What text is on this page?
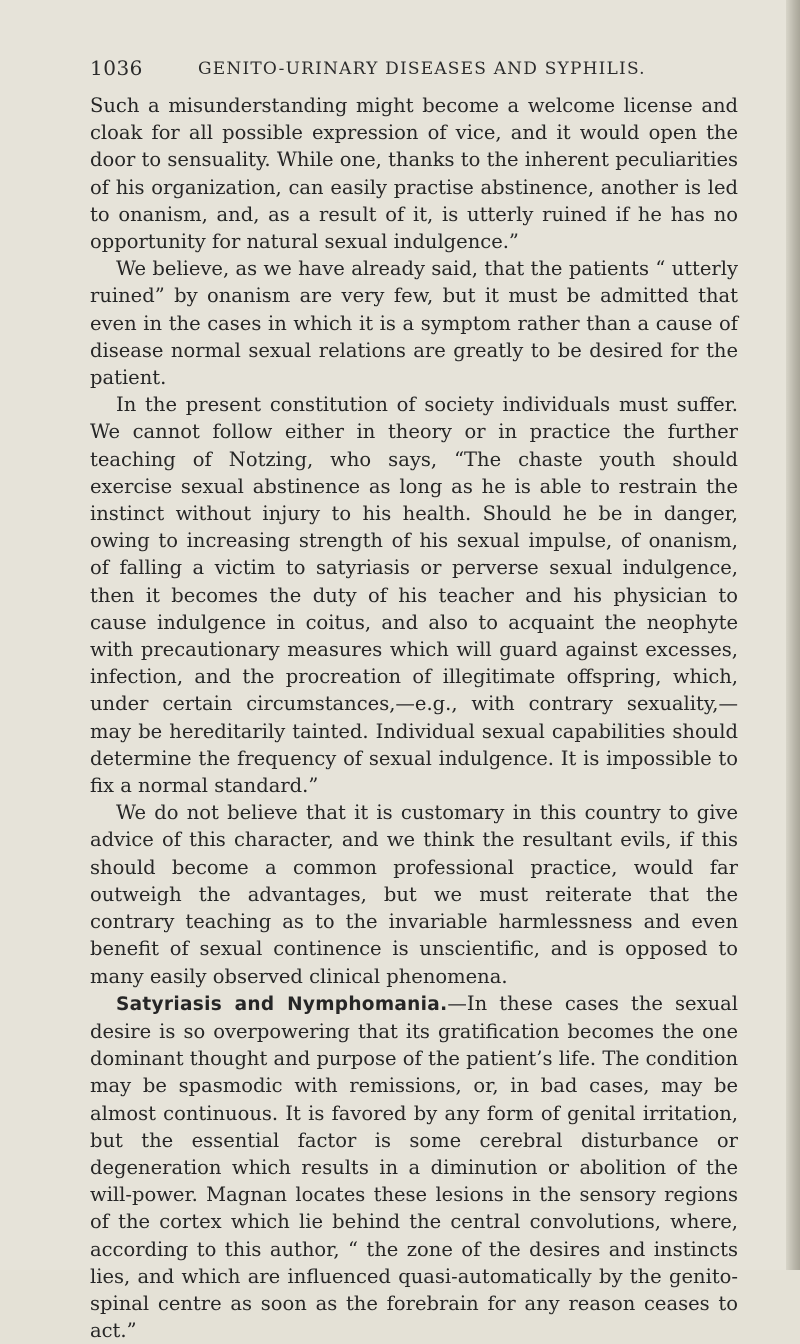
1036	GENITO-URINARY DISEASES AND SYPHILIS.

Such a misunderstanding might become a welcome license and cloak for all possible expression of vice, and it would open the door to sensuality. While one, thanks to the inherent peculiarities of his organization, can easily practise abstinence, another is led to onanism, and, as a result of it, is utterly ruined if he has no opportunity for natural sexual indulgence.”

We believe, as we have already said, that the patients “ utterly ruined” by onanism are very few, but it must be admitted that even in the cases in which it is a symptom rather than a cause of disease normal sexual relations are greatly to be desired for the patient.

In the present constitution of society individuals must suffer. We cannot follow either in theory or in practice the further teaching of Notzing, who says, “The chaste youth should exercise sexual abstinence as long as he is able to restrain the instinct without injury to his health. Should he be in danger, owing to increasing strength of his sexual impulse, of onanism, of falling a victim to satyriasis or perverse sexual indulgence, then it becomes the duty of his teacher and his physician to cause indulgence in coitus, and also to acquaint the neophyte with precautionary measures which will guard against excesses, infection, and the procreation of illegitimate offspring, which, under certain circumstances,—e.g., with contrary sexuality,—may be hereditarily tainted. Individual sexual capabilities should determine the frequency of sexual indulgence. It is impossible to fix a normal standard.”

We do not believe that it is customary in this country to give advice of this character, and we think the resultant evils, if this should become a common professional practice, would far outweigh the advantages, but we must reiterate that the contrary teaching as to the invariable harmlessness and even benefit of sexual continence is unscientific, and is opposed to many easily observed clinical phenomena.

Satyriasis and Nymphomania.—In these cases the sexual desire is so overpowering that its gratification becomes the one dominant thought and purpose of the patient’s life. The condition may be spasmodic with remissions, or, in bad cases, may be almost continuous. It is favored by any form of genital irritation, but the essential factor is some cerebral disturbance or degeneration which results in a diminution or abolition of the will-power. Magnan locates these lesions in the sensory regions of the cortex which lie behind the central convolutions, where, according to this author, “ the zone of the desires and instincts lies, and which are influenced quasi-automatically by the genito-spinal centre as soon as the forebrain for any reason ceases to act.”
